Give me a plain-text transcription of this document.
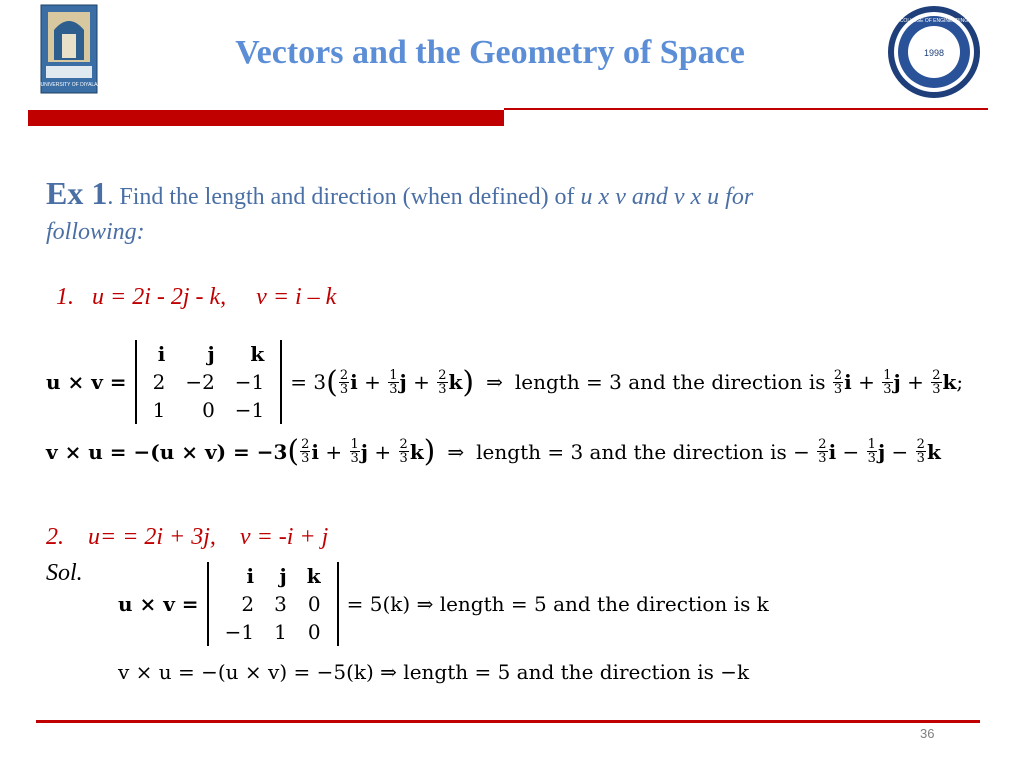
UNIVERSITY OF DIYALA
Vectors and the Geometry of Space	1998
COLLEGE OF ENGINEERING
Ex 1. Find the length and direction (when defined) of u x v and v x u for
following:
1.   u = 2i - 2j - k,     v = i – k
u × v =
i	j	k
2	−2	−1
1	0	−1
= 3 ( $\frac{2}{3}$ $i + \frac{1}{3}$ $j + \frac{2}{3}$ k ) ⇒ length = 3 and the direction is
$\frac{2}{3}$ $i + \frac{1}{3}$ $j + \frac{2}{3}$ k ;
v × u = −(u × v) = −3 ( $\frac{2}{3}$ $i + \frac{1}{3}$ $j + \frac{2}{3}$ k ) ⇒ length = 3 and the direction is − $\frac{2}{3}$ $i - \frac{1}{3}$ $j - \frac{2}{3}$ k
2.    u= = 2i + 3j,    v = -i + j
Sol.
u × v =
i	j	k
2	3	0
−1	1	0
= 5(k) ⇒ length = 5 and the direction is k
v × u = −(u × v) = −5(k) ⇒ length = 5 and the direction is −k
36
